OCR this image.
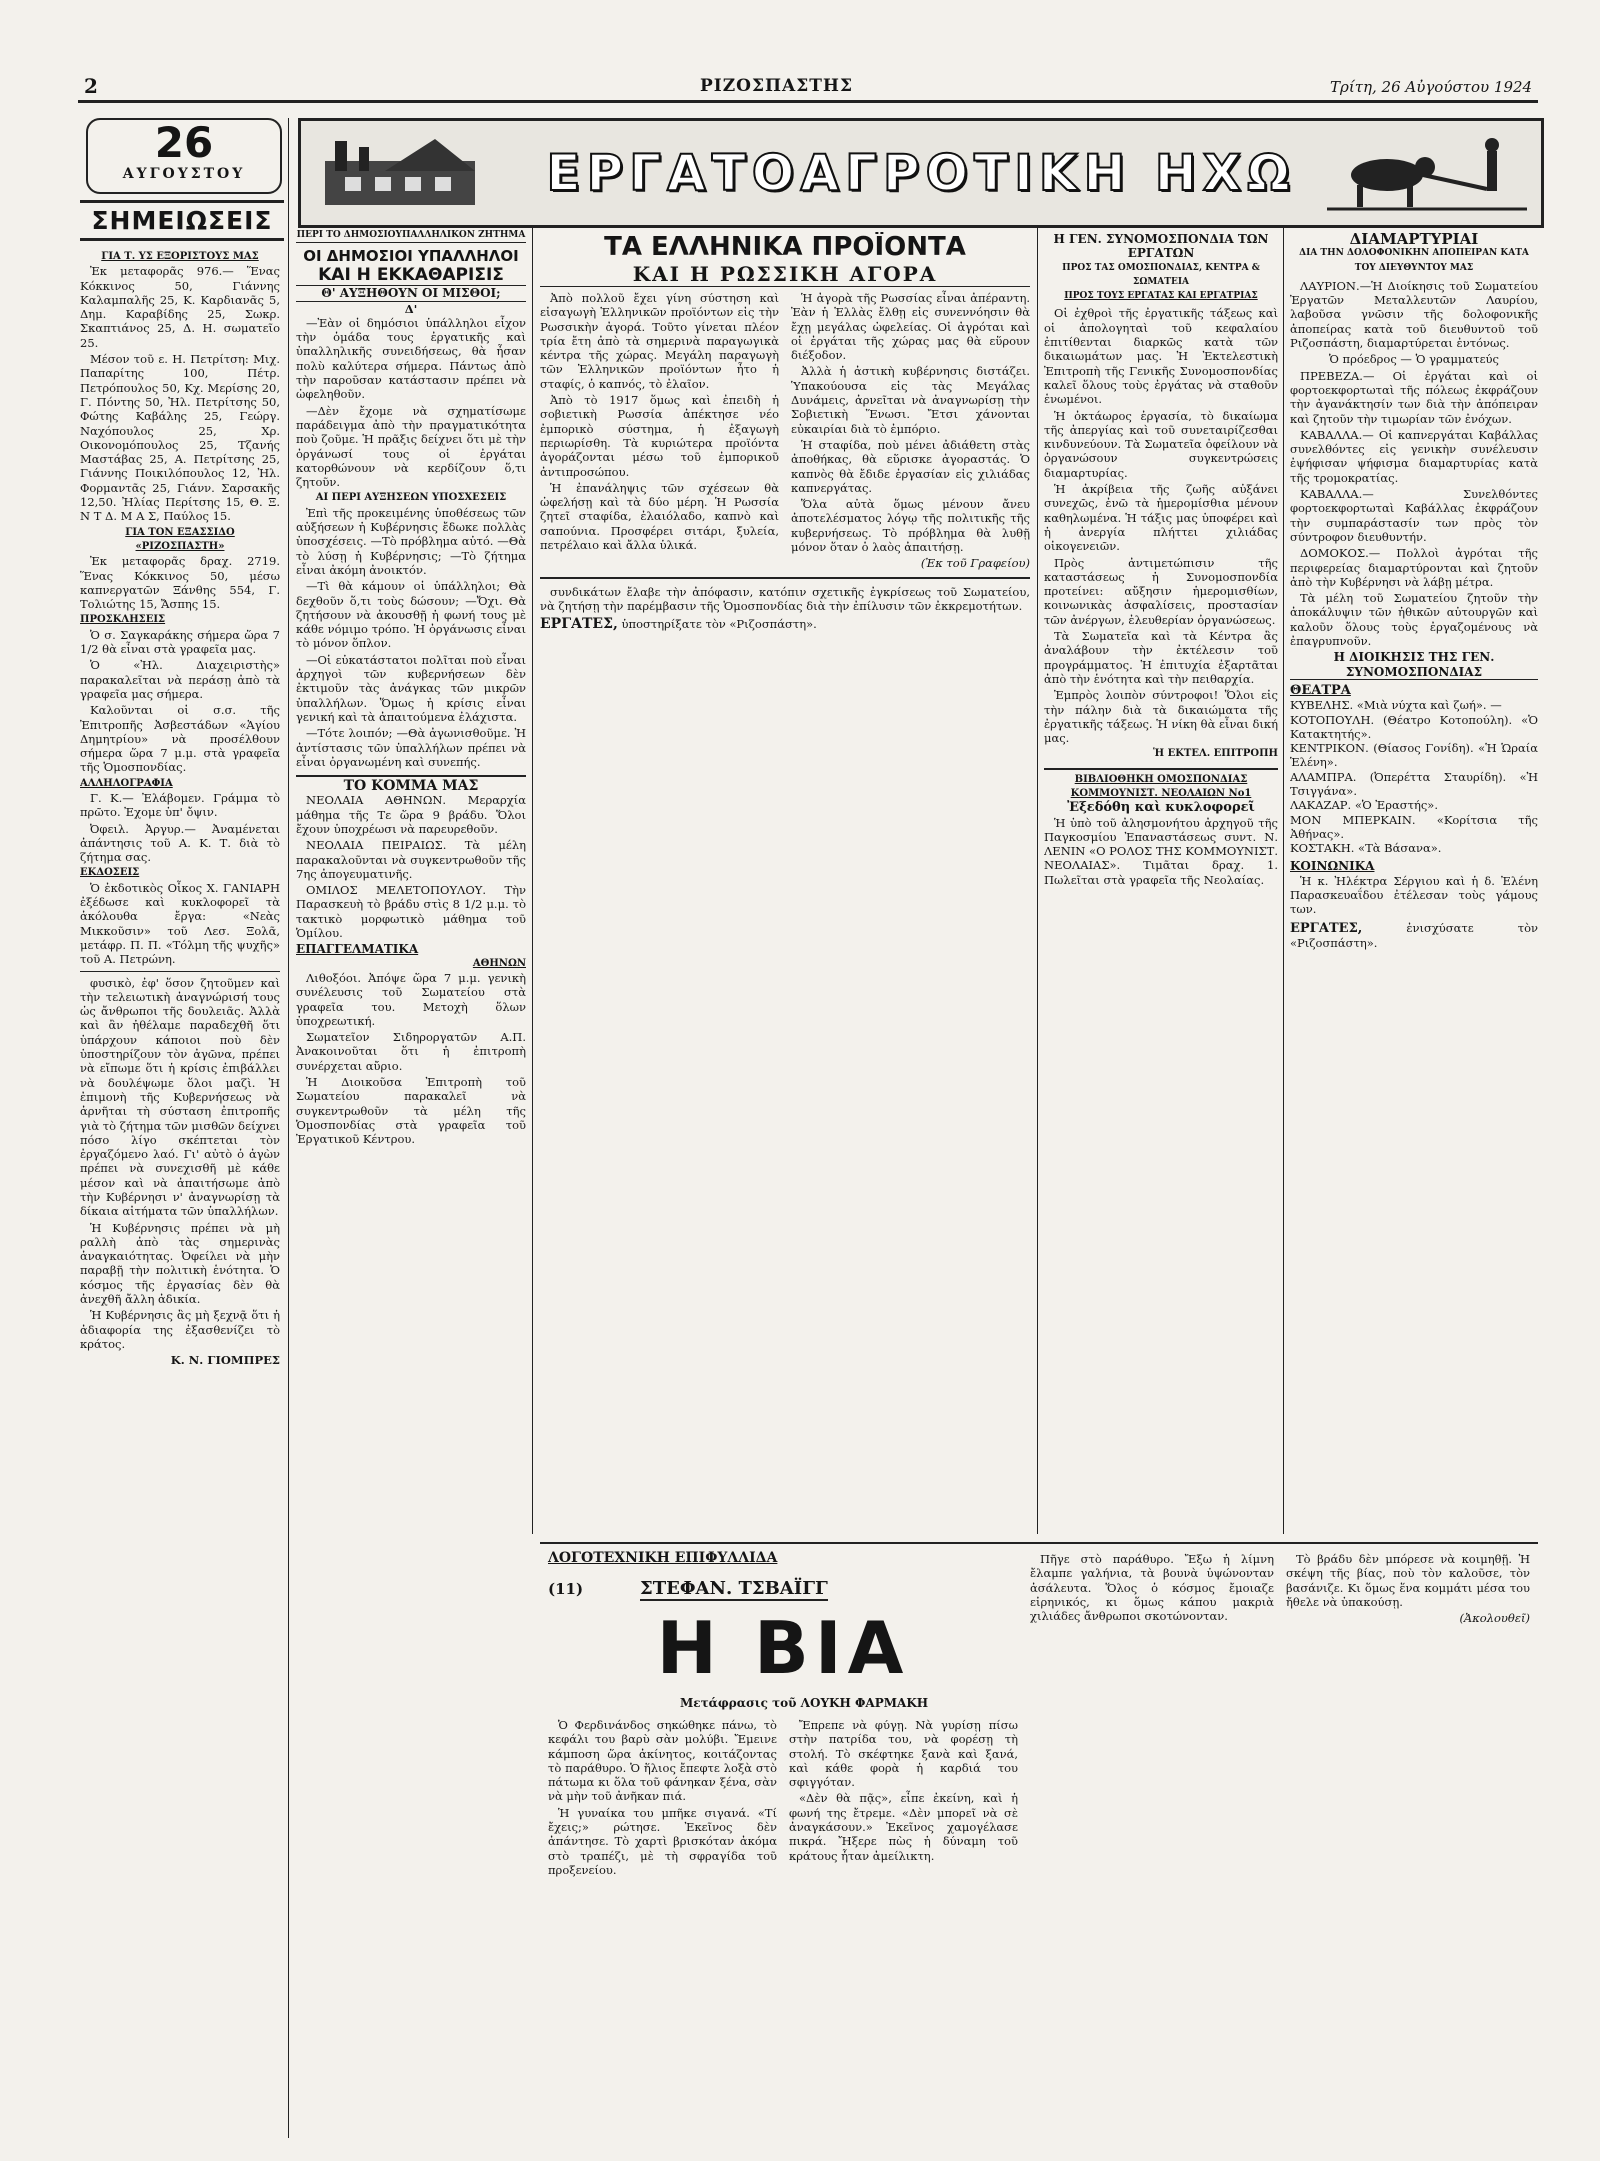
2	ΡΙΖΟΣΠΑΣΤΗΣ	Τρίτη, 26 Αὐγούστου 1924
26
ΑΥΓΟΥΣΤΟΥ
ΣΗΜΕΙΩΣΕΙΣ
ΕΡΓΑΤΟΑΓΡΟΤΙΚΗ ΗΧΩ
ΓΙΑ Τ. ΥΣ ΕΞΟΡΙΣΤΟΥΣ ΜΑΣ

Ἐκ μεταφορᾶς 976.— Ἕνας Κόκκινος 50, Γιάννης Καλαμπαλῆς 25, Κ. Καρδιανᾶς 5, Δημ. Καραβίδης 25, Σωκρ. Σκαπτιάνος 25, Δ. Η. σωματεῖο 25.

Μέσον τοῦ ε. Η. Πετρίτση: Μιχ. Παπαρίτης 100, Πέτρ. Πετρόπουλος 50, Κχ. Μερίσης 20, Γ. Πόντης 50, Ἠλ. Πετρίτσης 50, Φώτης Καβάλης 25, Γεώργ. Ναχόπουλος 25, Χρ. Οικονομόπουλος 25, Τζανής Μαστάβας 25, Α. Πετρίτσης 25, Γιάννης Ποικιλόπουλος 12, Ἠλ. Φορμαντᾶς 25, Γιάνν. Σαρσακῆς 12,50. Ἠλίας Περίτσης 15, Θ. Ξ. Ν Τ Δ. Μ Α Σ, Παύλος 15.

ΓΙΑ ΤΟΝ ΕΞΑΣΣΙΔΟ «ΡΙΖΟΣΠΑΣΤΗ»

Ἐκ μεταφορᾶς δραχ. 2719. Ἕνας Κόκκινος 50, μέσω καπνεργατῶν Ξάνθης 554, Γ. Τολιώτης 15, Ἄσπης 15.

ΠΡΟΣΚΛΗΣΕΙΣ

Ὁ σ. Σαγκαράκης σήμερα ὥρα 7 1/2 θὰ εἶναι στὰ γραφεῖα μας.

Ὁ «Ἠλ. Διαχειριστὴς» παρακαλεῖται νὰ περάσῃ ἀπὸ τὰ γραφεῖα μας σήμερα.

Καλοῦνται οἱ σ.σ. τῆς Ἐπιτροπῆς Ἀσβεστάδων «Ἁγίου Δημητρίου» νὰ προσέλθουν σήμερα ὥρα 7 μ.μ. στὰ γραφεῖα τῆς Ὁμοσπονδίας.

ΑΛΛΗΛΟΓΡΑΦΙΑ

Γ. Κ.— Ἐλάβομεν. Γράμμα τὸ πρῶτο. Ἐχομε ὑπ' ὄψιν.

Ὀφειλ. Ἀργυρ.— Ἀναμένεται ἀπάντησις τοῦ Α. Κ. Τ. διὰ τὸ ζήτημα σας.

ΕΚΔΟΣΕΙΣ

Ὁ ἐκδοτικὸς Οἶκος Χ. ΓΑΝΙΑΡΗ ἐξέδωσε καὶ κυκλοφορεῖ τὰ ἀκόλουθα ἔργα: «Νεὰς Μικκοῦσιν» τοῦ Λεσ. Ξολᾶ, μετάφρ. Π. Π. «Τόλμη τῆς ψυχῆς» τοῦ Α. Πετρώνη.

φυσικὸ, ἐφ' ὅσον ζητοῦμεν καὶ τὴν τελειωτικὴ ἀναγνώρισή τους ὡς ἄνθρωποι τῆς δουλειᾶς. Ἀλλὰ καὶ ἂν ἠθέλαμε παραδεχθῆ ὅτι ὑπάρχουν κάποιοι ποὺ δὲν ὑποστηρίζουν τὸν ἀγῶνα, πρέπει νὰ εἴπωμε ὅτι ἡ κρίσις ἐπιβάλλει νὰ δουλέψωμε ὅλοι μαζὶ. Ἡ ἐπιμονὴ τῆς Κυβερνήσεως νὰ ἀρνῆται τὴ σύσταση ἐπιτροπῆς γιὰ τὸ ζήτημα τῶν μισθῶν δείχνει πόσο λίγο σκέπτεται τὸν ἐργαζόμενο λαό. Γι' αὐτὸ ὁ ἀγὼν πρέπει νὰ συνεχισθῆ μὲ κάθε μέσον καὶ νὰ ἀπαιτήσωμε ἀπὸ τὴν Κυβέρνησι ν' ἀναγνωρίσῃ τὰ δίκαια αἰτήματα τῶν ὑπαλλήλων.

Ἡ Κυβέρνησις πρέπει νὰ μὴ ραλλὴ ἀπὸ τὰς σημερινὰς ἀναγκαιότητας. Ὀφείλει νὰ μὴν παραβῇ τὴν πολιτικὴ ἑνότητα. Ὁ κόσμος τῆς ἐργασίας δὲν θὰ ἀνεχθῆ ἄλλη ἀδικία.

Ἡ Κυβέρνησις ἂς μὴ ξεχνᾷ ὅτι ἡ ἀδιαφορία της ἐξασθενίζει τὸ κράτος.

Κ. Ν. ΓΙΟΜΠΡΕΣ
ΠΕΡΙ ΤΟ ΔΗΜΟΣΙΟΥΠΑΛΛΗΛΙΚΟΝ ΖΗΤΗΜΑ
ΟΙ ΔΗΜΟΣΙΟΙ ΥΠΑΛΛΗΛΟΙ
ΚΑΙ Η ΕΚΚΑΘΑΡΙΣΙΣ
Θ' ΑΥΞΗΘΟΥΝ ΟΙ ΜΙΣΘΟΙ;
Δ'

—Ἐὰν οἱ δημόσιοι ὑπάλληλοι εἶχον τὴν ὁμάδα τους ἐργατικῆς καὶ ὑπαλληλικῆς συνειδήσεως, θὰ ἦσαν πολὺ καλύτερα σήμερα. Πάντως ἀπὸ τὴν παροῦσαν κατάστασιν πρέπει νὰ ὠφεληθοῦν.

—Δὲν ἔχομε νὰ σχηματίσωμε παράδειγμα ἀπὸ τὴν πραγματικότητα ποὺ ζοῦμε. Ἡ πρᾶξις δείχνει ὅτι μὲ τὴν ὀργάνωσί τους οἱ ἐργάται κατορθώνουν νὰ κερδίζουν ὅ,τι ζητοῦν.

ΑΙ ΠΕΡΙ ΑΥΞΗΣΕΩΝ ΥΠΟΣΧΕΣΕΙΣ

Ἐπὶ τῆς προκειμένης ὑποθέσεως τῶν αὐξήσεων ἡ Κυβέρνησις ἔδωκε πολλὰς ὑποσχέσεις. —Τὸ πρόβλημα αὐτό. —Θὰ τὸ λύσῃ ἡ Κυβέρνησις; —Τὸ ζήτημα εἶναι ἀκόμη ἀνοικτόν.

—Τὶ θὰ κάμουν οἱ ὑπάλληλοι; Θὰ δεχθοῦν ὅ,τι τοὺς δώσουν; —Ὄχι. Θὰ ζητήσουν νὰ ἀκουσθῇ ἡ φωνή τους μὲ κάθε νόμιμο τρόπο. Ἡ ὀργάνωσις εἶναι τὸ μόνον ὅπλον.

—Οἱ εὐκατάστατοι πολῖται ποὺ εἶναι ἀρχηγοὶ τῶν κυβερνήσεων δὲν ἐκτιμοῦν τὰς ἀνάγκας τῶν μικρῶν ὑπαλλήλων. Ὅμως ἡ κρίσις εἶναι γενική καὶ τὰ ἀπαιτούμενα ἐλάχιστα.

—Τότε λοιπόν; —Θὰ ἀγωνισθοῦμε. Ἡ ἀντίστασις τῶν ὑπαλλήλων πρέπει νὰ εἶναι ὀργανωμένη καὶ συνεπής.

ΤΟ ΚΟΜΜΑ ΜΑΣ

ΝΕΟΛΑΙΑ ΑΘΗΝΩΝ. Μεραρχία μάθημα τῆς Τε ὥρα 9 βράδυ. Ὅλοι ἔχουν ὑποχρέωσι νὰ παρευρεθοῦν.

ΝΕΟΛΑΙΑ ΠΕΙΡΑΙΩΣ. Τὰ μέλη παρακαλοῦνται νὰ συγκεντρωθοῦν τῆς 7ης ἀπογευματινῆς.

ΟΜΙΛΟΣ ΜΕΛΕΤΟΠΟΥΛΟΥ. Τὴν Παρασκευὴ τὸ βράδυ στὶς 8 1/2 μ.μ. τὸ τακτικὸ μορφωτικὸ μάθημα τοῦ Ὁμίλου.

ΕΠΑΓΓΕΛΜΑΤΙΚΑ
ΑΘΗΝΩΝ

Λιθοξόοι. Ἀπόψε ὥρα 7 μ.μ. γενικὴ συνέλευσις τοῦ Σωματείου στὰ γραφεῖα του. Μετοχὴ ὅλων ὑποχρεωτική.

Σωματεῖον Σιδηροργατῶν Α.Π. Ἀνακοινοῦται ὅτι ἡ ἐπιτροπὴ συνέρχεται αὔριο.

Ἡ Διοικοῦσα Ἐπιτροπὴ τοῦ Σωματείου παρακαλεῖ νὰ συγκεντρωθοῦν τὰ μέλη τῆς Ὁμοσπονδίας στὰ γραφεῖα τοῦ Ἐργατικοῦ Κέντρου.

ΤΑ ΕΛΛΗΝΙΚΑ ΠΡΟΪΟΝΤΑ
ΚΑΙ Η ΡΩΣΣΙΚΗ ΑΓΟΡΑ

Ἀπὸ πολλοῦ ἔχει γίνη σύστηση καὶ εἰσαγωγὴ Ἑλληνικῶν προϊόντων εἰς τὴν Ρωσσικὴν ἀγορά. Τοῦτο γίνεται πλέον τρία ἔτη ἀπὸ τὰ σημερινὰ παραγωγικὰ κέντρα τῆς χώρας. Μεγάλη παραγωγὴ τῶν Ἑλληνικῶν προϊόντων ἦτο ἡ σταφίς, ὁ καπνός, τὸ ἐλαῖον.

Ἀπὸ τὸ 1917 ὅμως καὶ ἐπειδὴ ἡ σοβιετικὴ Ρωσσία ἀπέκτησε νέο ἐμπορικὸ σύστημα, ἡ ἐξαγωγὴ περιωρίσθη. Τὰ κυριώτερα προϊόντα ἀγοράζονται μέσω τοῦ ἐμπορικοῦ ἀντιπροσώπου.

Ἡ ἐπανάληψις τῶν σχέσεων θὰ ὠφελήσῃ καὶ τὰ δύο μέρη. Ἡ Ρωσσία ζητεῖ σταφίδα, ἐλαιόλαδο, καπνὸ καὶ σαπούνια. Προσφέρει σιτάρι, ξυλεία, πετρέλαιο καὶ ἄλλα ὑλικά.

Ἡ ἀγορὰ τῆς Ρωσσίας εἶναι ἀπέραντη. Ἐὰν ἡ Ἑλλὰς ἔλθῃ εἰς συνεννόησιν θὰ ἔχῃ μεγάλας ὠφελείας. Οἱ ἀγρόται καὶ οἱ ἐργάται τῆς χώρας μας θὰ εὕρουν διέξοδον.

Ἀλλὰ ἡ ἀστικὴ κυβέρνησις διστάζει. Ὑπακούουσα εἰς τὰς Μεγάλας Δυνάμεις, ἀρνεῖται νὰ ἀναγνωρίσῃ τὴν Σοβιετικὴ Ἕνωσι. Ἔτσι χάνονται εὐκαιρίαι διὰ τὸ ἐμπόριο.

Ἡ σταφίδα, ποὺ μένει ἀδιάθετη στὰς ἀποθήκας, θὰ εὕρισκε ἀγοραστάς. Ὁ καπνὸς θὰ ἔδιδε ἐργασίαν εἰς χιλιάδας καπνεργάτας.

Ὅλα αὐτὰ ὅμως μένουν ἄνευ ἀποτελέσματος λόγῳ τῆς πολιτικῆς τῆς κυβερνήσεως. Τὸ πρόβλημα θὰ λυθῇ μόνον ὅταν ὁ λαὸς ἀπαιτήσῃ.

(Ἐκ τοῦ Γραφείου)

συνδικάτων ἔλαβε τὴν ἀπόφασιν, κατόπιν σχετικῆς ἐγκρίσεως τοῦ Σωματείου, νὰ ζητήσῃ τὴν παρέμβασιν τῆς Ὁμοσπονδίας διὰ τὴν ἐπίλυσιν τῶν ἐκκρεμοτήτων.

ΕΡΓΑΤΕΣ, ὑποστηρίξατε τὸν «Ριζοσπάστη».
Η ΓΕΝ. ΣΥΝΟΜΟΣΠΟΝΔΙΑ ΤΩΝ ΕΡΓΑΤΩΝ
ΠΡΟΣ ΤΑΣ ΟΜΟΣΠΟΝΔΙΑΣ, ΚΕΝΤΡΑ & ΣΩΜΑΤΕΙΑ
ΠΡΟΣ ΤΟΥΣ ΕΡΓΑΤΑΣ ΚΑΙ ΕΡΓΑΤΡΙΑΣ

Οἱ ἐχθροὶ τῆς ἐργατικῆς τάξεως καὶ οἱ ἀπολογηταὶ τοῦ κεφαλαίου ἐπιτίθενται διαρκῶς κατὰ τῶν δικαιωμάτων μας. Ἡ Ἐκτελεστικὴ Ἐπιτροπὴ τῆς Γενικῆς Συνομοσπονδίας καλεῖ ὅλους τοὺς ἐργάτας νὰ σταθοῦν ἑνωμένοι.

Ἡ ὀκτάωρος ἐργασία, τὸ δικαίωμα τῆς ἀπεργίας καὶ τοῦ συνεταιρίζεσθαι κινδυνεύουν. Τὰ Σωματεῖα ὀφείλουν νὰ ὀργανώσουν συγκεντρώσεις διαμαρτυρίας.

Ἡ ἀκρίβεια τῆς ζωῆς αὐξάνει συνεχῶς, ἐνῶ τὰ ἡμερομίσθια μένουν καθηλωμένα. Ἡ τάξις μας ὑποφέρει καὶ ἡ ἀνεργία πλήττει χιλιάδας οἰκογενειῶν.

Πρὸς ἀντιμετώπισιν τῆς καταστάσεως ἡ Συνομοσπονδία προτείνει: αὔξησιν ἡμερομισθίων, κοινωνικὰς ἀσφαλίσεις, προστασίαν τῶν ἀνέργων, ἐλευθερίαν ὀργανώσεως.

Τὰ Σωματεῖα καὶ τὰ Κέντρα ἂς ἀναλάβουν τὴν ἐκτέλεσιν τοῦ προγράμματος. Ἡ ἐπιτυχία ἐξαρτᾶται ἀπὸ τὴν ἑνότητα καὶ τὴν πειθαρχία.

Ἐμπρὸς λοιπὸν σύντροφοι! Ὅλοι εἰς τὴν πάλην διὰ τὰ δικαιώματα τῆς ἐργατικῆς τάξεως. Ἡ νίκη θὰ εἶναι δική μας.

Ἡ ΕΚΤΕΛ. ΕΠΙΤΡΟΠΗ
ΒΙΒΛΙΟΘΗΚΗ ΟΜΟΣΠΟΝΔΙΑΣ
ΚΟΜΜΟΥΝΙΣΤ. ΝΕΟΛΑΙΩΝ Νο1
Ἐξεδόθη καὶ κυκλοφορεῖ

Ἡ ὑπὸ τοῦ ἀλησμονήτου ἀρχηγοῦ τῆς Παγκοσμίου Ἐπαναστάσεως συντ. Ν. ΛΕΝΙΝ «Ο ΡΟΛΟΣ ΤΗΣ ΚΟΜΜΟΥΝΙΣΤ. ΝΕΟΛΑΙΑΣ». Τιμᾶται δραχ. 1. Πωλεῖται στὰ γραφεῖα τῆς Νεολαίας.

ΔΙΑΜΑΡΤΥΡΙΑΙ
ΔΙΑ ΤΗΝ ΔΟΛΟΦΟΝΙΚΗΝ ΑΠΟΠΕΙΡΑΝ ΚΑΤΑ ΤΟΥ ΔΙΕΥΘΥΝΤΟΥ ΜΑΣ

ΛΑΥΡΙΟΝ.—Ἡ Διοίκησις τοῦ Σωματείου Ἐργατῶν Μεταλλευτῶν Λαυρίου, λαβοῦσα γνῶσιν τῆς δολοφονικῆς ἀποπείρας κατὰ τοῦ διευθυντοῦ τοῦ Ριζοσπάστη, διαμαρτύρεται ἐντόνως.

Ὁ πρόεδρος — Ὁ γραμματεύς

ΠΡΕΒΕΖΑ.— Οἱ ἐργάται καὶ οἱ φορτοεκφορτωταὶ τῆς πόλεως ἐκφράζουν τὴν ἀγανάκτησίν των διὰ τὴν ἀπόπειραν καὶ ζητοῦν τὴν τιμωρίαν τῶν ἐνόχων.

ΚΑΒΑΛΛΑ.— Οἱ καπνεργάται Καβάλλας συνελθόντες εἰς γενικὴν συνέλευσιν ἐψήφισαν ψήφισμα διαμαρτυρίας κατὰ τῆς τρομοκρατίας.

ΚΑΒΑΛΛΑ.— Συνελθόντες φορτοεκφορτωταὶ Καβάλλας ἐκφράζουν τὴν συμπαράστασίν των πρὸς τὸν σύντροφον διευθυντήν.

ΔΟΜΟΚΟΣ.— Πολλοὶ ἀγρόται τῆς περιφερείας διαμαρτύρονται καὶ ζητοῦν ἀπὸ τὴν Κυβέρνησι νὰ λάβῃ μέτρα.

Τὰ μέλη τοῦ Σωματείου ζητοῦν τὴν ἀποκάλυψιν τῶν ἠθικῶν αὐτουργῶν καὶ καλοῦν ὅλους τοὺς ἐργαζομένους νὰ ἐπαγρυπνοῦν.

Η ΔΙΟΙΚΗΣΙΣ ΤΗΣ ΓΕΝ. ΣΥΝΟΜΟΣΠΟΝΔΙΑΣ
ΘΕΑΤΡΑ
ΚΥΒΕΛΗΣ. «Μιὰ νύχτα καὶ ζωή». —
ΚΟΤΟΠΟΥΛΗ. (Θέατρο Κοτοπούλη). «Ὁ Κατακτητής».
ΚΕΝΤΡΙΚΟΝ. (Θίασος Γονίδη). «Ἡ Ὡραία Ἑλένη».
ΑΛΑΜΠΡΑ. (Ὀπερέττα Σταυρίδη). «Ἡ Τσιγγάνα».
ΛΑΚΑΖΑΡ. «Ὁ Ἐραστής».
ΜΟΝ ΜΠΕΡΚΑΙΝ. «Κορίτσια τῆς Ἀθήνας».
ΚΟΣΤΑΚΗ. «Τὰ Βάσανα».
ΚΟΙΝΩΝΙΚΑ

Ἡ κ. Ἠλέκτρα Σέργιου καὶ ἡ δ. Ἐλένη Παρασκευαΐδου ἐτέλεσαν τοὺς γάμους των.

ΕΡΓΑΤΕΣ,	ἐνισχύσατε τὸν «Ριζοσπάστη».
ΛΟΓΟΤΕΧΝΙΚΗ ΕΠΙΦΥΛΛΙΔΑ
(11)	ΣΤΕΦΑΝ. ΤΣΒΑΪΓΓ
Η ΒΙΑ
Μετάφρασις τοῦ ΛΟΥΚΗ ΦΑΡΜΑΚΗ

Ὁ Φερδινάνδος σηκώθηκε πάνω, τὸ κεφάλι του βαρὺ σὰν μολύβι. Ἔμεινε κάμποση ὥρα ἀκίνητος, κοιτάζοντας τὸ παράθυρο. Ὁ ἥλιος ἔπεφτε λοξὰ στὸ πάτωμα κι ὅλα τοῦ φάνηκαν ξένα, σὰν νὰ μὴν τοῦ ἀνῆκαν πιά.

Ἡ γυναίκα του μπῆκε σιγανά. «Τί ἔχεις;» ρώτησε. Ἐκεῖνος δὲν ἀπάντησε. Τὸ χαρτὶ βρισκόταν ἀκόμα στὸ τραπέζι, μὲ τὴ σφραγίδα τοῦ προξενείου.

Ἔπρεπε νὰ φύγῃ. Νὰ γυρίσῃ πίσω στὴν πατρίδα του, νὰ φορέσῃ τὴ στολή. Τὸ σκέφτηκε ξανὰ καὶ ξανά, καὶ κάθε φορὰ ἡ καρδιά του σφιγγόταν.

«Δὲν θὰ πᾷς», εἶπε ἐκείνη, καὶ ἡ φωνή της ἔτρεμε. «Δὲν μπορεῖ νὰ σὲ ἀναγκάσουν.» Ἐκεῖνος χαμογέλασε πικρά. Ἤξερε πὼς ἡ δύναμη τοῦ κράτους ἦταν ἀμείλικτη.

Πῆγε στὸ παράθυρο. Ἔξω ἡ λίμνη ἔλαμπε γαλήνια, τὰ βουνὰ ὑψώνονταν ἀσάλευτα. Ὅλος ὁ κόσμος ἔμοιαζε εἰρηνικός, κι ὅμως κάπου μακριὰ χιλιάδες ἄνθρωποι σκοτώνονταν.

Τὸ βράδυ δὲν μπόρεσε νὰ κοιμηθῇ. Ἡ σκέψη τῆς βίας, ποὺ τὸν καλοῦσε, τὸν βασάνιζε. Κι ὅμως ἕνα κομμάτι μέσα του ἤθελε νὰ ὑπακούσῃ.

(Ἀκολουθεῖ)
